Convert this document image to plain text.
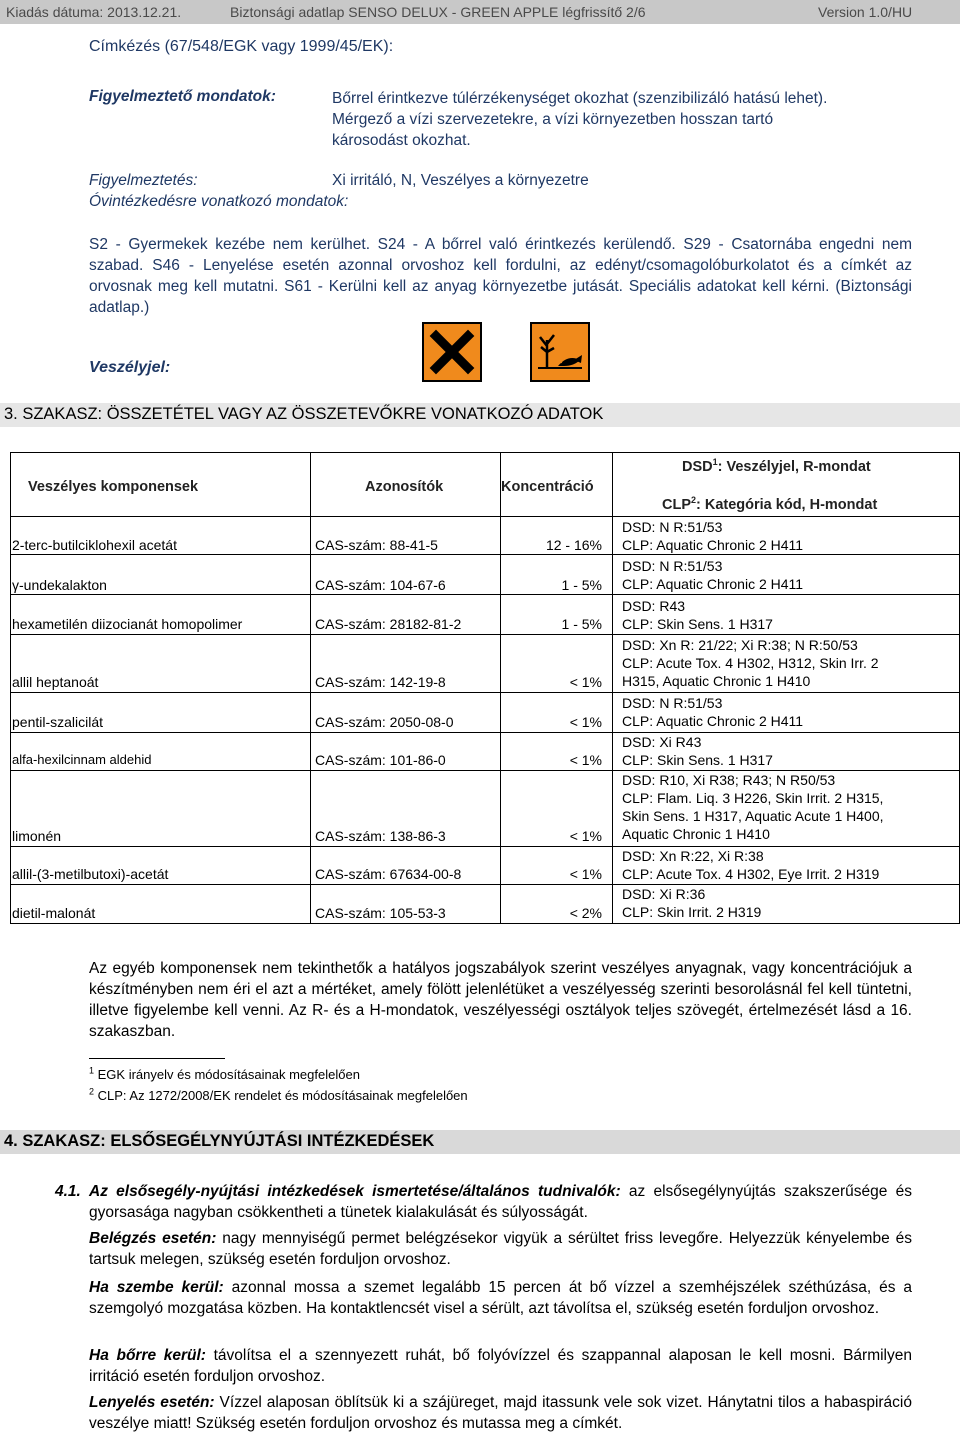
Kiadás dátuma: 2013.12.21.	Biztonsági adatlap SENSO DELUX - GREEN APPLE légfrissítő 2/6	Version 1.0/HU
Címkézés (67/548/EGK vagy 1999/45/EK):
Figyelmeztető mondatok:	Bőrrel érintkezve túlérzékenységet okozhat (szenzibilizáló hatású lehet).
Mérgező a vízi szervezetekre, a vízi környezetben hosszan tartó
károsodást okozhat.
Figyelmeztetés:	Xi irritáló, N, Veszélyes a környezetre
Óvintézkedésre vonatkozó mondatok:
S2 - Gyermekek kezébe nem kerülhet. S24 - A bőrrel való érintkezés kerülendő. S29 - Csatornába engedni nem szabad. S46 - Lenyelése esetén azonnal orvoshoz kell fordulni, az edényt/csomagolóburkolatot és a címkét az orvosnak meg kell mutatni. S61 - Kerülni kell az anyag környezetbe jutását. Speciális adatokat kell kérni. (Biztonsági adatlap.)
Veszélyjel:
3. SZAKASZ: ÖSSZETÉTEL VAGY AZ ÖSSZETEVŐKRE VONATKOZÓ ADATOK
Veszélyes komponensek	Azonosítók	Koncentráció
DSD$^1$: Veszélyjel, R-mondat
CLP$^2$: Kategória kód, H-mondat
2-terc-butilciklohexil acetát	CAS-szám: 88-41-5	12 - 16%
DSD: N R:51/53
CLP: Aquatic Chronic 2 H411
γ-undekalakton	CAS-szám: 104-67-6	1 - 5%
DSD: N R:51/53
CLP: Aquatic Chronic 2 H411
hexametilén diizocianát homopolimer	CAS-szám: 28182-81-2	1 - 5%
DSD: R43
CLP: Skin Sens. 1 H317
allil heptanoát	CAS-szám: 142-19-8	< 1%
DSD: Xn R: 21/22; Xi R:38; N R:50/53
CLP: Acute Tox. 4 H302, H312, Skin Irr. 2
H315, Aquatic Chronic 1 H410
pentil-szalicilát	CAS-szám: 2050-08-0	< 1%
DSD: N R:51/53
CLP: Aquatic Chronic 2 H411
alfa-hexilcinnam aldehid	CAS-szám: 101-86-0	< 1%
DSD: Xi R43
CLP: Skin Sens. 1 H317
limonén	CAS-szám: 138-86-3	< 1%
DSD: R10, Xi R38; R43; N R50/53
CLP: Flam. Liq. 3 H226, Skin Irrit. 2 H315,
Skin Sens. 1 H317, Aquatic Acute 1 H400,
Aquatic Chronic 1 H410
allil-(3-metilbutoxi)-acetát	CAS-szám: 67634-00-8	< 1%
DSD: Xn R:22, Xi R:38
CLP: Acute Tox. 4 H302, Eye Irrit. 2 H319
dietil-malonát	CAS-szám: 105-53-3	< 2%
DSD: Xi R:36
CLP: Skin Irrit. 2 H319
Az egyéb komponensek nem tekinthetők a hatályos jogszabályok szerint veszélyes anyagnak, vagy koncentrációjuk a készítményben nem éri el azt a mértéket, amely fölött jelenlétüket a veszélyesség szerinti besorolásnál fel kell tüntetni, illetve figyelembe kell venni. Az R- és a H-mondatok, veszélyességi osztályok teljes szövegét, értelmezését lásd a 16. szakaszban.
$^1$ EGK irányelv és módosításainak megfelelően
$^2$ CLP: Az 1272/2008/EK rendelet és módosításainak megfelelően
4. SZAKASZ: ELSŐSEGÉLYNYÚJTÁSI INTÉZKEDÉSEK
4.1. Az elsősegély-nyújtási intézkedések ismertetése/általános tudnivalók: az elsősegélynyújtás szakszerűsége és gyorsasága nagyban csökkentheti a tünetek kialakulását és súlyosságát.
Belégzés esetén: nagy mennyiségű permet belégzésekor vigyük a sérültet friss levegőre. Helyezzük kényelembe és tartsuk melegen, szükség esetén forduljon orvoshoz.
Ha szembe kerül: azonnal mossa a szemet legalább 15 percen át bő vízzel a szemhéjszélek széthúzása, és a szemgolyó mozgatása közben. Ha kontaktlencsét visel a sérült, azt távolítsa el, szükség esetén forduljon orvoshoz.
Ha bőrre kerül: távolítsa el a szennyezett ruhát, bő folyóvízzel és szappannal alaposan le kell mosni. Bármilyen irritáció esetén forduljon orvoshoz.
Lenyelés esetén: Vízzel alaposan öblítsük ki a szájüreget, majd itassunk vele sok vizet. Hánytatni tilos a habaspiráció veszélye miatt! Szükség esetén forduljon orvoshoz és mutassa meg a címkét.
